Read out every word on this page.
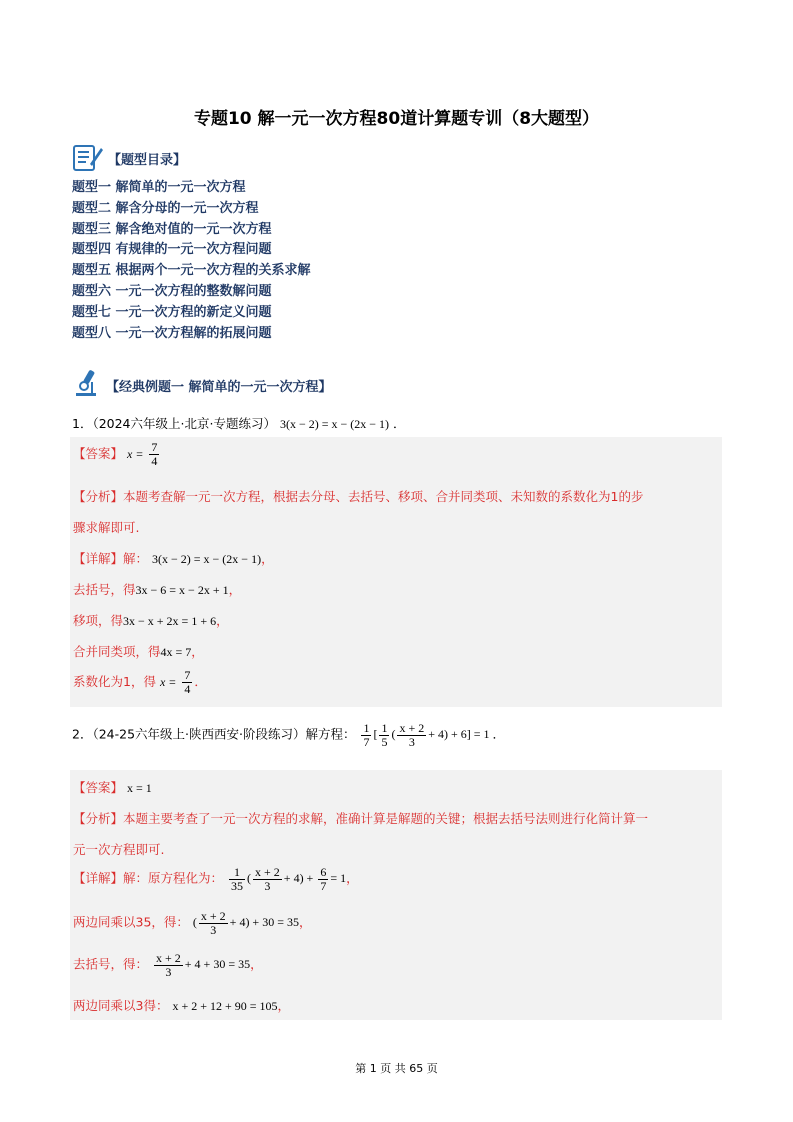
专题10 解一元一次方程80道计算题专训（8大题型）
【题型目录】
题型一 解简单的一元一次方程
题型二 解含分母的一元一次方程
题型三 解含绝对值的一元一次方程
题型四 有规律的一元一次方程问题
题型五 根据两个一元一次方程的关系求解
题型六 一元一次方程的整数解问题
题型七 一元一次方程的新定义问题
题型八 一元一次方程解的拓展问题
【经典例题一 解简单的一元一次方程】
1．（2024六年级上·北京·专题练习） 3(x − 2) = x − (2x − 1) ．
【答案】 $x = \frac{7}{4}$
【分析】本题考查解一元一次方程，根据去分母、去括号、移项、合并同类项、未知数的系数化为1的步
骤求解即可.
【详解】解： 3(x − 2) = x − (2x − 1)，
去括号，得3x − 6 = x − 2x + 1，
移项，得3x − x + 2x = 1 + 6，
合并同类项，得4x = 7，
系数化为1，得 $x = \frac{7}{4}$ ．
2．（24-25六年级上·陕西西安·阶段练习）解方程： $\frac{1}{7}$ [ $\frac{1}{5}$ ( $\frac{x + 2}{3} + 4) + 6] = 1$ ．
【答案】 x = 1
【分析】本题主要考查了一元一次方程的求解，准确计算是解题的关键；根据去括号法则进行化简计算一
元一次方程即可.
【详解】解：原方程化为： $\frac{1}{35}$ ( $\frac{x + 2}{3} + 4) + \frac{6}{7} = 1$，
两边同乘以35，得： ( $\frac{x + 2}{3} + 4) + 30 = 35$，
去括号，得： $\frac{x + 2}{3} + 4 + 30 = 35$，
两边同乘以3得： x + 2 + 12 + 90 = 105，
第 1 页 共 65 页
